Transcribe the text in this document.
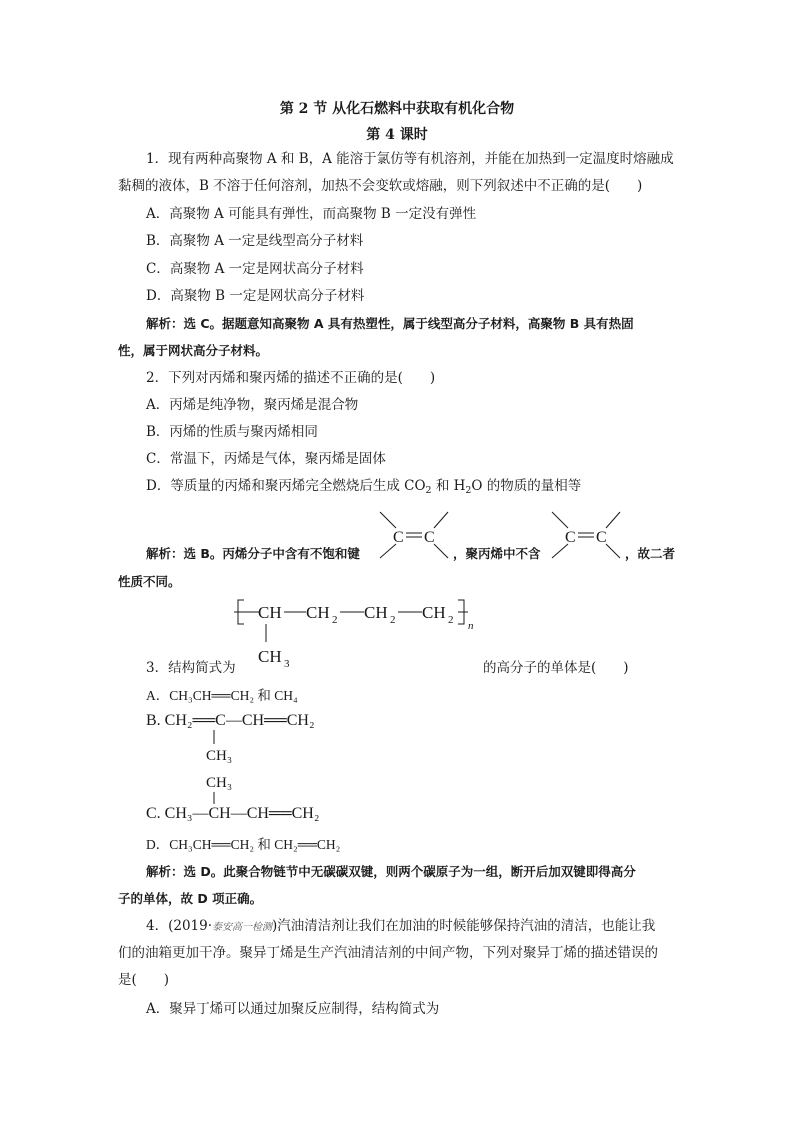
第 2 节 从化石燃料中获取有机化合物
第 4 课时
1．现有两种高聚物 A 和 B，A 能溶于氯仿等有机溶剂，并能在加热到一定温度时熔融成
黏稠的液体，B 不溶于任何溶剂，加热不会变软或熔融，则下列叙述中不正确的是(　　)
A．高聚物 A 可能具有弹性，而高聚物 B 一定没有弹性
B．高聚物 A 一定是线型高分子材料
C．高聚物 A 一定是网状高分子材料
D．高聚物 B 一定是网状高分子材料
解析：选 C。据题意知高聚物 A 具有热塑性，属于线型高分子材料，高聚物 B 具有热固
性，属于网状高分子材料。
2．下列对丙烯和聚丙烯的描述不正确的是(　　)
A．丙烯是纯净物，聚丙烯是混合物
B．丙烯的性质与聚丙烯相同
C．常温下，丙烯是气体，聚丙烯是固体
D．等质量的丙烯和聚丙烯完全燃烧后生成 $CO_2$ 和 $H_2O$ 的物质的量相等
解析：选 B。丙烯分子中含有不饱和键
C C
，聚丙烯中不含
C C
，故二者
性质不同。
CH CH 2 CH 2 CH 2 n
CH 3
3．结构简式为	的高分子的单体是(　　)
A．CH₃CH══CH₂ 和 CH₄
B. CH₂══C—CH══CH₂
CH₃
CH₃
C. CH₃—CH—CH══CH₂
D．CH₃CH══CH₂ 和 CH₂══CH₂
解析：选 D。此聚合物链节中无碳碳双键，则两个碳原子为一组，断开后加双键即得高分
子的单体，故 D 项正确。
4．(2019·泰安高一检测)汽油清洁剂让我们在加油的时候能够保持汽油的清洁，也能让我
们的油箱更加干净。聚异丁烯是生产汽油清洁剂的中间产物，下列对聚异丁烯的描述错误的
是(　　)
A．聚异丁烯可以通过加聚反应制得，结构简式为
